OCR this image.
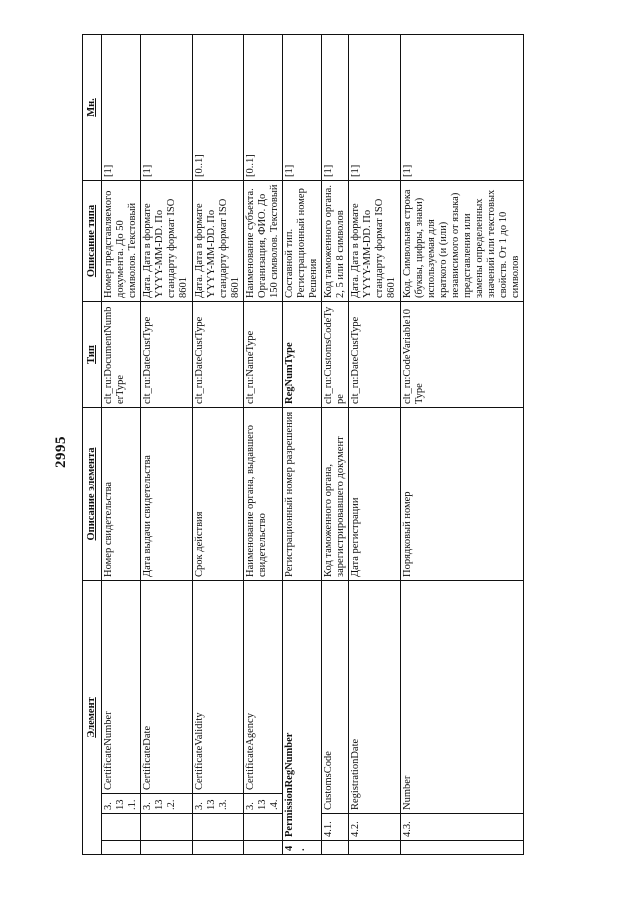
2995
Элемент				Описание элемента	Тип	Описание типа	Мн.
		3.13.1.	CertificateNumber	Номер свидетельства	clt_ru:DocumentNumberType	Номер представляемого документа. До 50 символов. Текстовый	[1]
		3.13.2.	CertificateDate	Дата выдачи свидетельства	clt_ru:DateCustType	Дата. Дата в формате YYYY-MM-DD. По стандарту формат ISO 8601	[1]
		3.13.3.	CertificateValidity	Срок действия	clt_ru:DateCustType	Дата. Дата в формате YYYY-MM-DD. По стандарту формат ISO 8601	[0..1]
		3.13.4.	CertificateAgency	Наименование органа, выдавшего свидетельство	clt_ru:NameType	Наименование субъекта. Организация, ФИО. До 150 символов. Текстовый	[0..1]
4.	PermissionRegNumber			Регистрационный номер разрешения	RegNumType	Составной тип. Регистрационный номер Решения	[1]
	4.1.	CustomsCode		Код таможенного органа, зарегистрировавшего документ	clt_ru:CustomsCodeType	Код таможенного органа. 2, 5 или 8 символов	[1]
	4.2.	RegistrationDate		Дата регистрации	clt_ru:DateCustType	Дата. Дата в формате YYYY-MM-DD. По стандарту формат ISO 8601	[1]
	4.3.	Number		Порядковый номер	clt_ru:CodeVariable10Type	Код. Символьная строка (буквы, цифры, знаки) используемая для краткого (и (или) независимого от языка) представления или замены определенных значений или текстовых свойств. От 1 до 10 символов	[1]
